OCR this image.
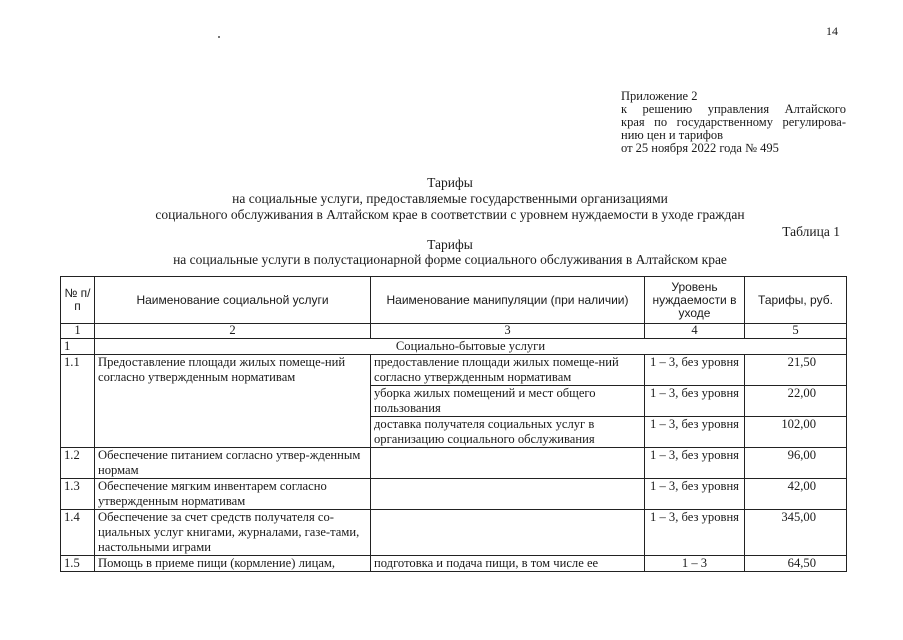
14
Приложение 2
к решению управления Алтайского
края по государственному регулирова-
нию цен и тарифов
от 25 ноября 2022 года № 495
Тарифы
на социальные услуги, предоставляемые государственными организациями
социального обслуживания в Алтайском крае в соответствии с уровнем нуждаемости в уходе граждан
Таблица 1
Тарифы
на социальные услуги в полустационарной форме социального обслуживания в Алтайском крае
№ п/п	Наименование социальной услуги	Наименование манипуляции (при наличии)	Уровень нуждаемости в уходе	Тарифы, руб.
1	2	3	4	5
1	Социально-бытовые услуги			
1.1	Предоставление площади жилых помеще-ний согласно утвержденным нормативам	предоставление площади жилых помеще-ний согласно утвержденным нормативам	1 – 3, без уровня	21,50
		уборка жилых помещений и мест общего пользования	1 – 3, без уровня	22,00
		доставка получателя социальных услуг в организацию социального обслуживания	1 – 3, без уровня	102,00
1.2	Обеспечение питанием согласно утвер-жденным нормам		1 – 3, без уровня	96,00
1.3	Обеспечение мягким инвентарем согласно утвержденным нормативам		1 – 3, без уровня	42,00
1.4	Обеспечение за счет средств получателя со-циальных услуг книгами, журналами, газе-тами, настольными играми		1 – 3, без уровня	345,00
1.5	Помощь в приеме пищи (кормление) лицам,	подготовка и подача пищи, в том числе ее	1 – 3	64,50
